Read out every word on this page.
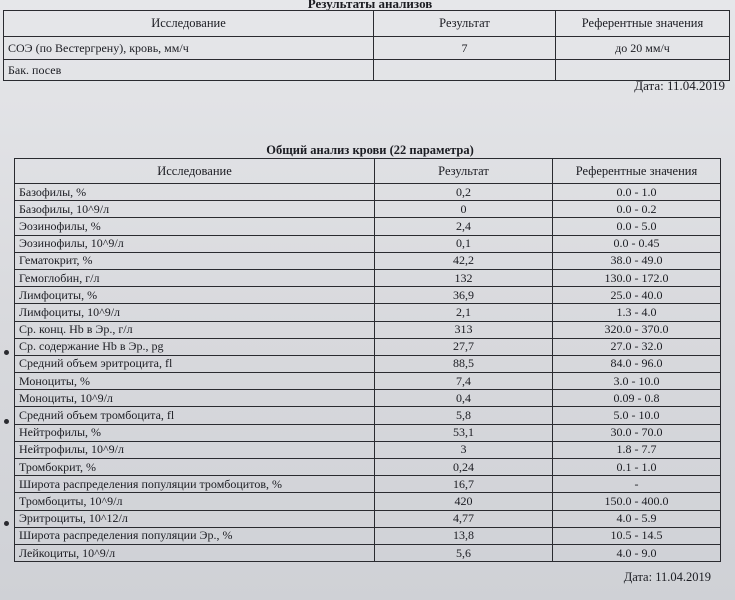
Результаты анализов
Исследование	Результат	Референтные значения
СОЭ (по Вестергрену), кровь, мм/ч	7	до 20 мм/ч
Бак. посев		
Дата: 11.04.2019
Общий анализ крови (22 параметра)
Исследование	Результат	Референтные значения
Базофилы, %	0,2	0.0 - 1.0
Базофилы, 10^9/л	0	0.0 - 0.2
Эозинофилы, %	2,4	0.0 - 5.0
Эозинофилы, 10^9/л	0,1	0.0 - 0.45
Гематокрит, %	42,2	38.0 - 49.0
Гемоглобин, г/л	132	130.0 - 172.0
Лимфоциты, %	36,9	25.0 - 40.0
Лимфоциты, 10^9/л	2,1	1.3 - 4.0
Ср. конц. Hb в Эр., г/л	313	320.0 - 370.0
Ср. содержание Hb в Эр., pg	27,7	27.0 - 32.0
Средний объем эритроцита, fl	88,5	84.0 - 96.0
Моноциты, %	7,4	3.0 - 10.0
Моноциты, 10^9/л	0,4	0.09 - 0.8
Средний объем тромбоцита, fl	5,8	5.0 - 10.0
Нейтрофилы, %	53,1	30.0 - 70.0
Нейтрофилы, 10^9/л	3	1.8 - 7.7
Тромбокрит, %	0,24	0.1 - 1.0
Широта распределения популяции тромбоцитов, %	16,7	-
Тромбоциты, 10^9/л	420	150.0 - 400.0
Эритроциты, 10^12/л	4,77	4.0 - 5.9
Широта распределения популяции Эр., %	13,8	10.5 - 14.5
Лейкоциты, 10^9/л	5,6	4.0 - 9.0
Дата: 11.04.2019
